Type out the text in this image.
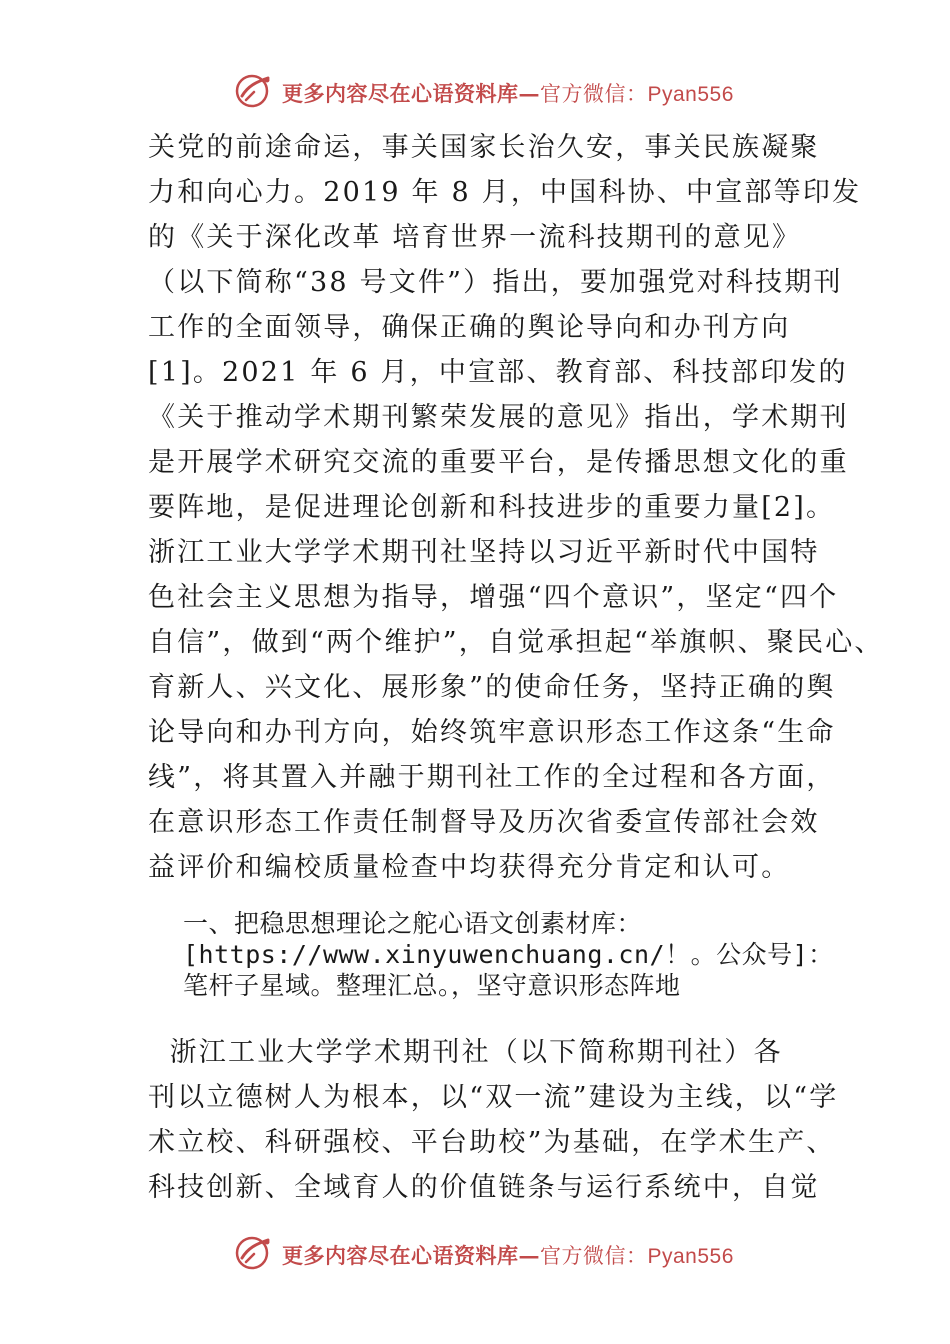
更多内容尽在心语资料库—官方微信：Pyan556
关党的前途命运，事关国家长治久安，事关民族凝聚
力和向心力。2019 年 8 月，中国科协、中宣部等印发
的《关于深化改革 培育世界一流科技期刊的意见》
（以下简称“38 号文件”）指出，要加强党对科技期刊
工作的全面领导，确保正确的舆论导向和办刊方向
[1]。2021 年 6 月，中宣部、教育部、科技部印发的
《关于推动学术期刊繁荣发展的意见》指出，学术期刊
是开展学术研究交流的重要平台，是传播思想文化的重
要阵地，是促进理论创新和科技进步的重要力量[2]。
浙江工业大学学术期刊社坚持以习近平新时代中国特
色社会主义思想为指导，增强“四个意识”，坚定“四个
自信”，做到“两个维护”，自觉承担起“举旗帜、聚民心、
育新人、兴文化、展形象”的使命任务，坚持正确的舆
论导向和办刊方向，始终筑牢意识形态工作这条“生命
线”，将其置入并融于期刊社工作的全过程和各方面，
在意识形态工作责任制督导及历次省委宣传部社会效
益评价和编校质量检查中均获得充分肯定和认可。
一、把稳思想理论之舵心语文创素材库：
[https://www.xinyuwenchuang.cn/！。公众号]：
笔杆子星域。整理汇总。，坚守意识形态阵地
浙江工业大学学术期刊社（以下简称期刊社）各
刊以立德树人为根本，以“双一流”建设为主线，以“学
术立校、科研强校、平台助校”为基础，在学术生产、
科技创新、全域育人的价值链条与运行系统中，自觉
更多内容尽在心语资料库—官方微信：Pyan556
